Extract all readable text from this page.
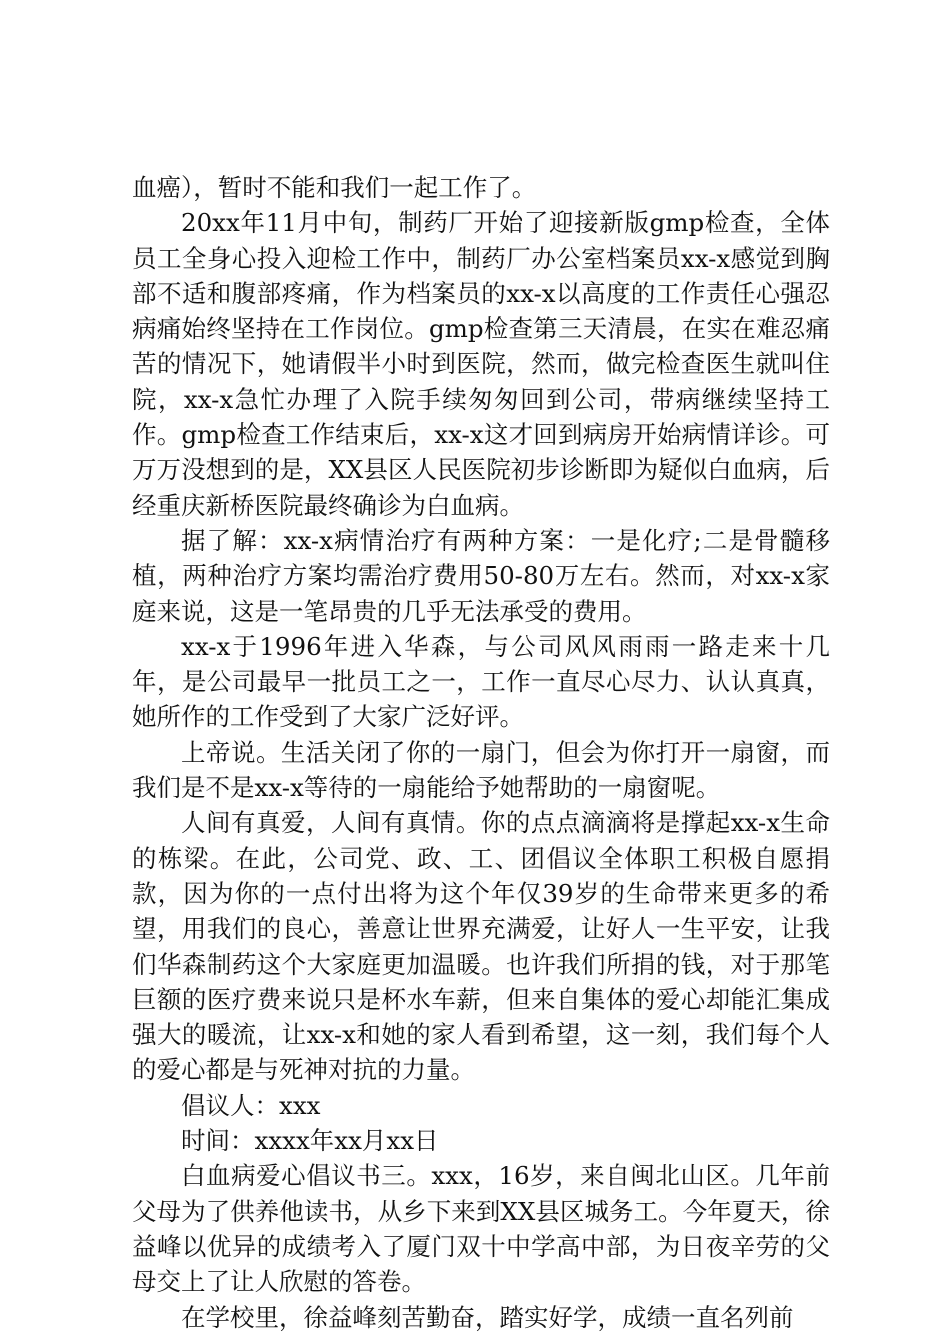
血癌），暂时不能和我们一起工作了。

20xx年11月中旬，制药厂开始了迎接新版gmp检查，全体员工全身心投入迎检工作中，制药厂办公室档案员xx-x感觉到胸部不适和腹部疼痛，作为档案员的xx-x以高度的工作责任心强忍病痛始终坚持在工作岗位。gmp检查第三天清晨，在实在难忍痛苦的情况下，她请假半小时到医院，然而，做完检查医生就叫住院，xx-x急忙办理了入院手续匆匆回到公司，带病继续坚持工作。gmp检查工作结束后，xx-x这才回到病房开始病情详诊。可万万没想到的是，XX县区人民医院初步诊断即为疑似白血病，后经重庆新桥医院最终确诊为白血病。

据了解：xx-x病情治疗有两种方案：一是化疗;二是骨髓移植，两种治疗方案均需治疗费用50-80万左右。然而，对xx-x家庭来说，这是一笔昂贵的几乎无法承受的费用。

xx-x于1996年进入华森，与公司风风雨雨一路走来十几年，是公司最早一批员工之一，工作一直尽心尽力、认认真真，她所作的工作受到了大家广泛好评。

上帝说。生活关闭了你的一扇门，但会为你打开一扇窗，而我们是不是xx-x等待的一扇能给予她帮助的一扇窗呢。

人间有真爱，人间有真情。你的点点滴滴将是撑起xx-x生命的栋梁。在此，公司党、政、工、团倡议全体职工积极自愿捐款，因为你的一点付出将为这个年仅39岁的生命带来更多的希望，用我们的良心，善意让世界充满爱，让好人一生平安，让我们华森制药这个大家庭更加温暖。也许我们所捐的钱，对于那笔巨额的医疗费来说只是杯水车薪，但来自集体的爱心却能汇集成强大的暖流，让xx-x和她的家人看到希望，这一刻，我们每个人的爱心都是与死神对抗的力量。

倡议人：xxx

时间：xxxx年xx月xx日

白血病爱心倡议书三。xxx，16岁，来自闽北山区。几年前父母为了供养他读书，从乡下来到XX县区城务工。今年夏天，徐益峰以优异的成绩考入了厦门双十中学高中部，为日夜辛劳的父母交上了让人欣慰的答卷。

在学校里，徐益峰刻苦勤奋，踏实好学，成绩一直名列前
